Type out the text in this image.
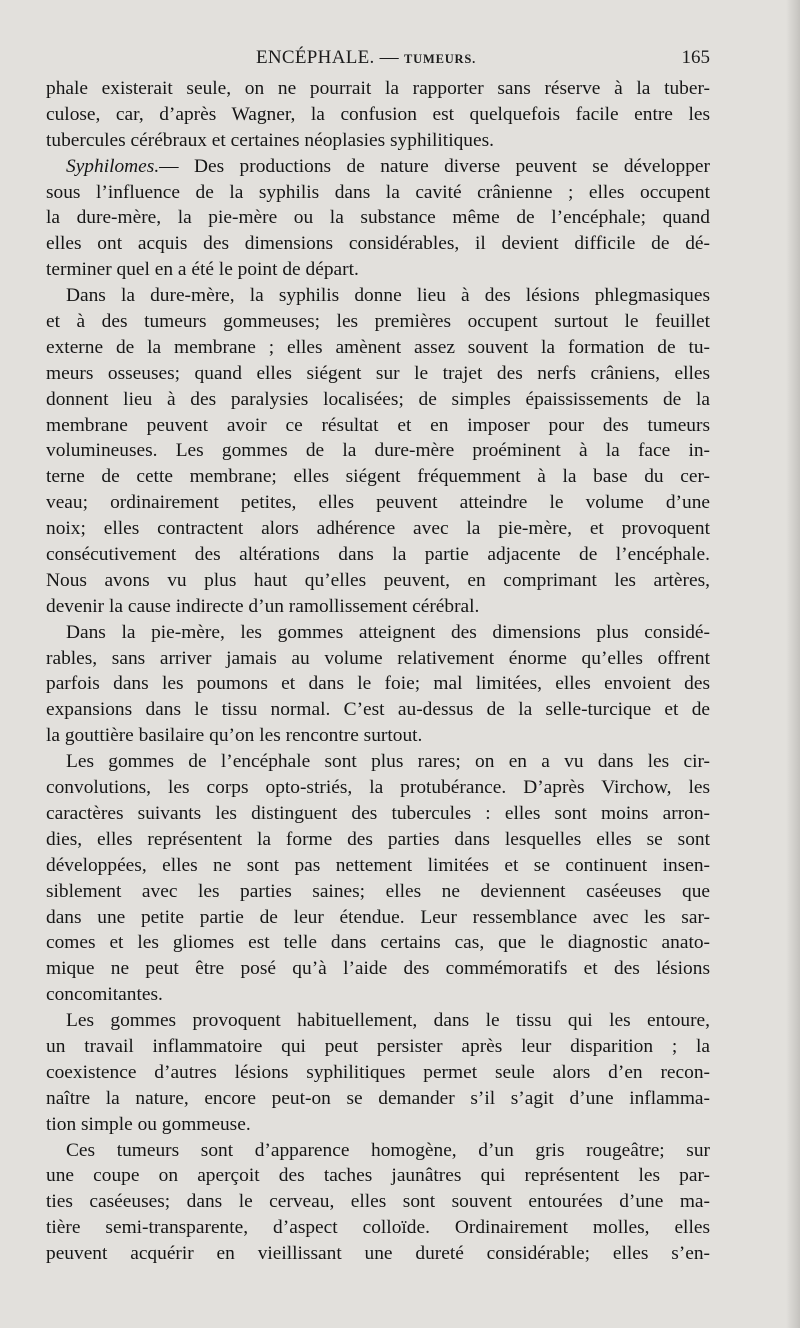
ENCÉPHALE. — TUMEURS.	165
phale existerait seule, on ne pourrait la rapporter sans réserve à la tuber-
culose, car, d’après Wagner, la confusion est quelquefois facile entre les
tubercules cérébraux et certaines néoplasies syphilitiques.
Syphilomes.— Des productions de nature diverse peuvent se développer
sous l’influence de la syphilis dans la cavité crânienne ; elles occupent
la dure-mère, la pie-mère ou la substance même de l’encéphale; quand
elles ont acquis des dimensions considérables, il devient difficile de dé-
terminer quel en a été le point de départ.
Dans la dure-mère, la syphilis donne lieu à des lésions phlegmasiques
et à des tumeurs gommeuses; les premières occupent surtout le feuillet
externe de la membrane ; elles amènent assez souvent la formation de tu-
meurs osseuses; quand elles siégent sur le trajet des nerfs crâniens, elles
donnent lieu à des paralysies localisées; de simples épaississements de la
membrane peuvent avoir ce résultat et en imposer pour des tumeurs
volumineuses. Les gommes de la dure-mère proéminent à la face in-
terne de cette membrane; elles siégent fréquemment à la base du cer-
veau; ordinairement petites, elles peuvent atteindre le volume d’une
noix; elles contractent alors adhérence avec la pie-mère, et provoquent
consécutivement des altérations dans la partie adjacente de l’encéphale.
Nous avons vu plus haut qu’elles peuvent, en comprimant les artères,
devenir la cause indirecte d’un ramollissement cérébral.
Dans la pie-mère, les gommes atteignent des dimensions plus considé-
rables, sans arriver jamais au volume relativement énorme qu’elles offrent
parfois dans les poumons et dans le foie; mal limitées, elles envoient des
expansions dans le tissu normal. C’est au-dessus de la selle-turcique et de
la gouttière basilaire qu’on les rencontre surtout.
Les gommes de l’encéphale sont plus rares; on en a vu dans les cir-
convolutions, les corps opto-striés, la protubérance. D’après Virchow, les
caractères suivants les distinguent des tubercules : elles sont moins arron-
dies, elles représentent la forme des parties dans lesquelles elles se sont
développées, elles ne sont pas nettement limitées et se continuent insen-
siblement avec les parties saines; elles ne deviennent caséeuses que
dans une petite partie de leur étendue. Leur ressemblance avec les sar-
comes et les gliomes est telle dans certains cas, que le diagnostic anato-
mique ne peut être posé qu’à l’aide des commémoratifs et des lésions
concomitantes.
Les gommes provoquent habituellement, dans le tissu qui les entoure,
un travail inflammatoire qui peut persister après leur disparition ; la
coexistence d’autres lésions syphilitiques permet seule alors d’en recon-
naître la nature, encore peut-on se demander s’il s’agit d’une inflamma-
tion simple ou gommeuse.
Ces tumeurs sont d’apparence homogène, d’un gris rougeâtre; sur
une coupe on aperçoit des taches jaunâtres qui représentent les par-
ties caséeuses; dans le cerveau, elles sont souvent entourées d’une ma-
tière semi-transparente, d’aspect colloïde. Ordinairement molles, elles
peuvent acquérir en vieillissant une dureté considérable; elles s’en-
